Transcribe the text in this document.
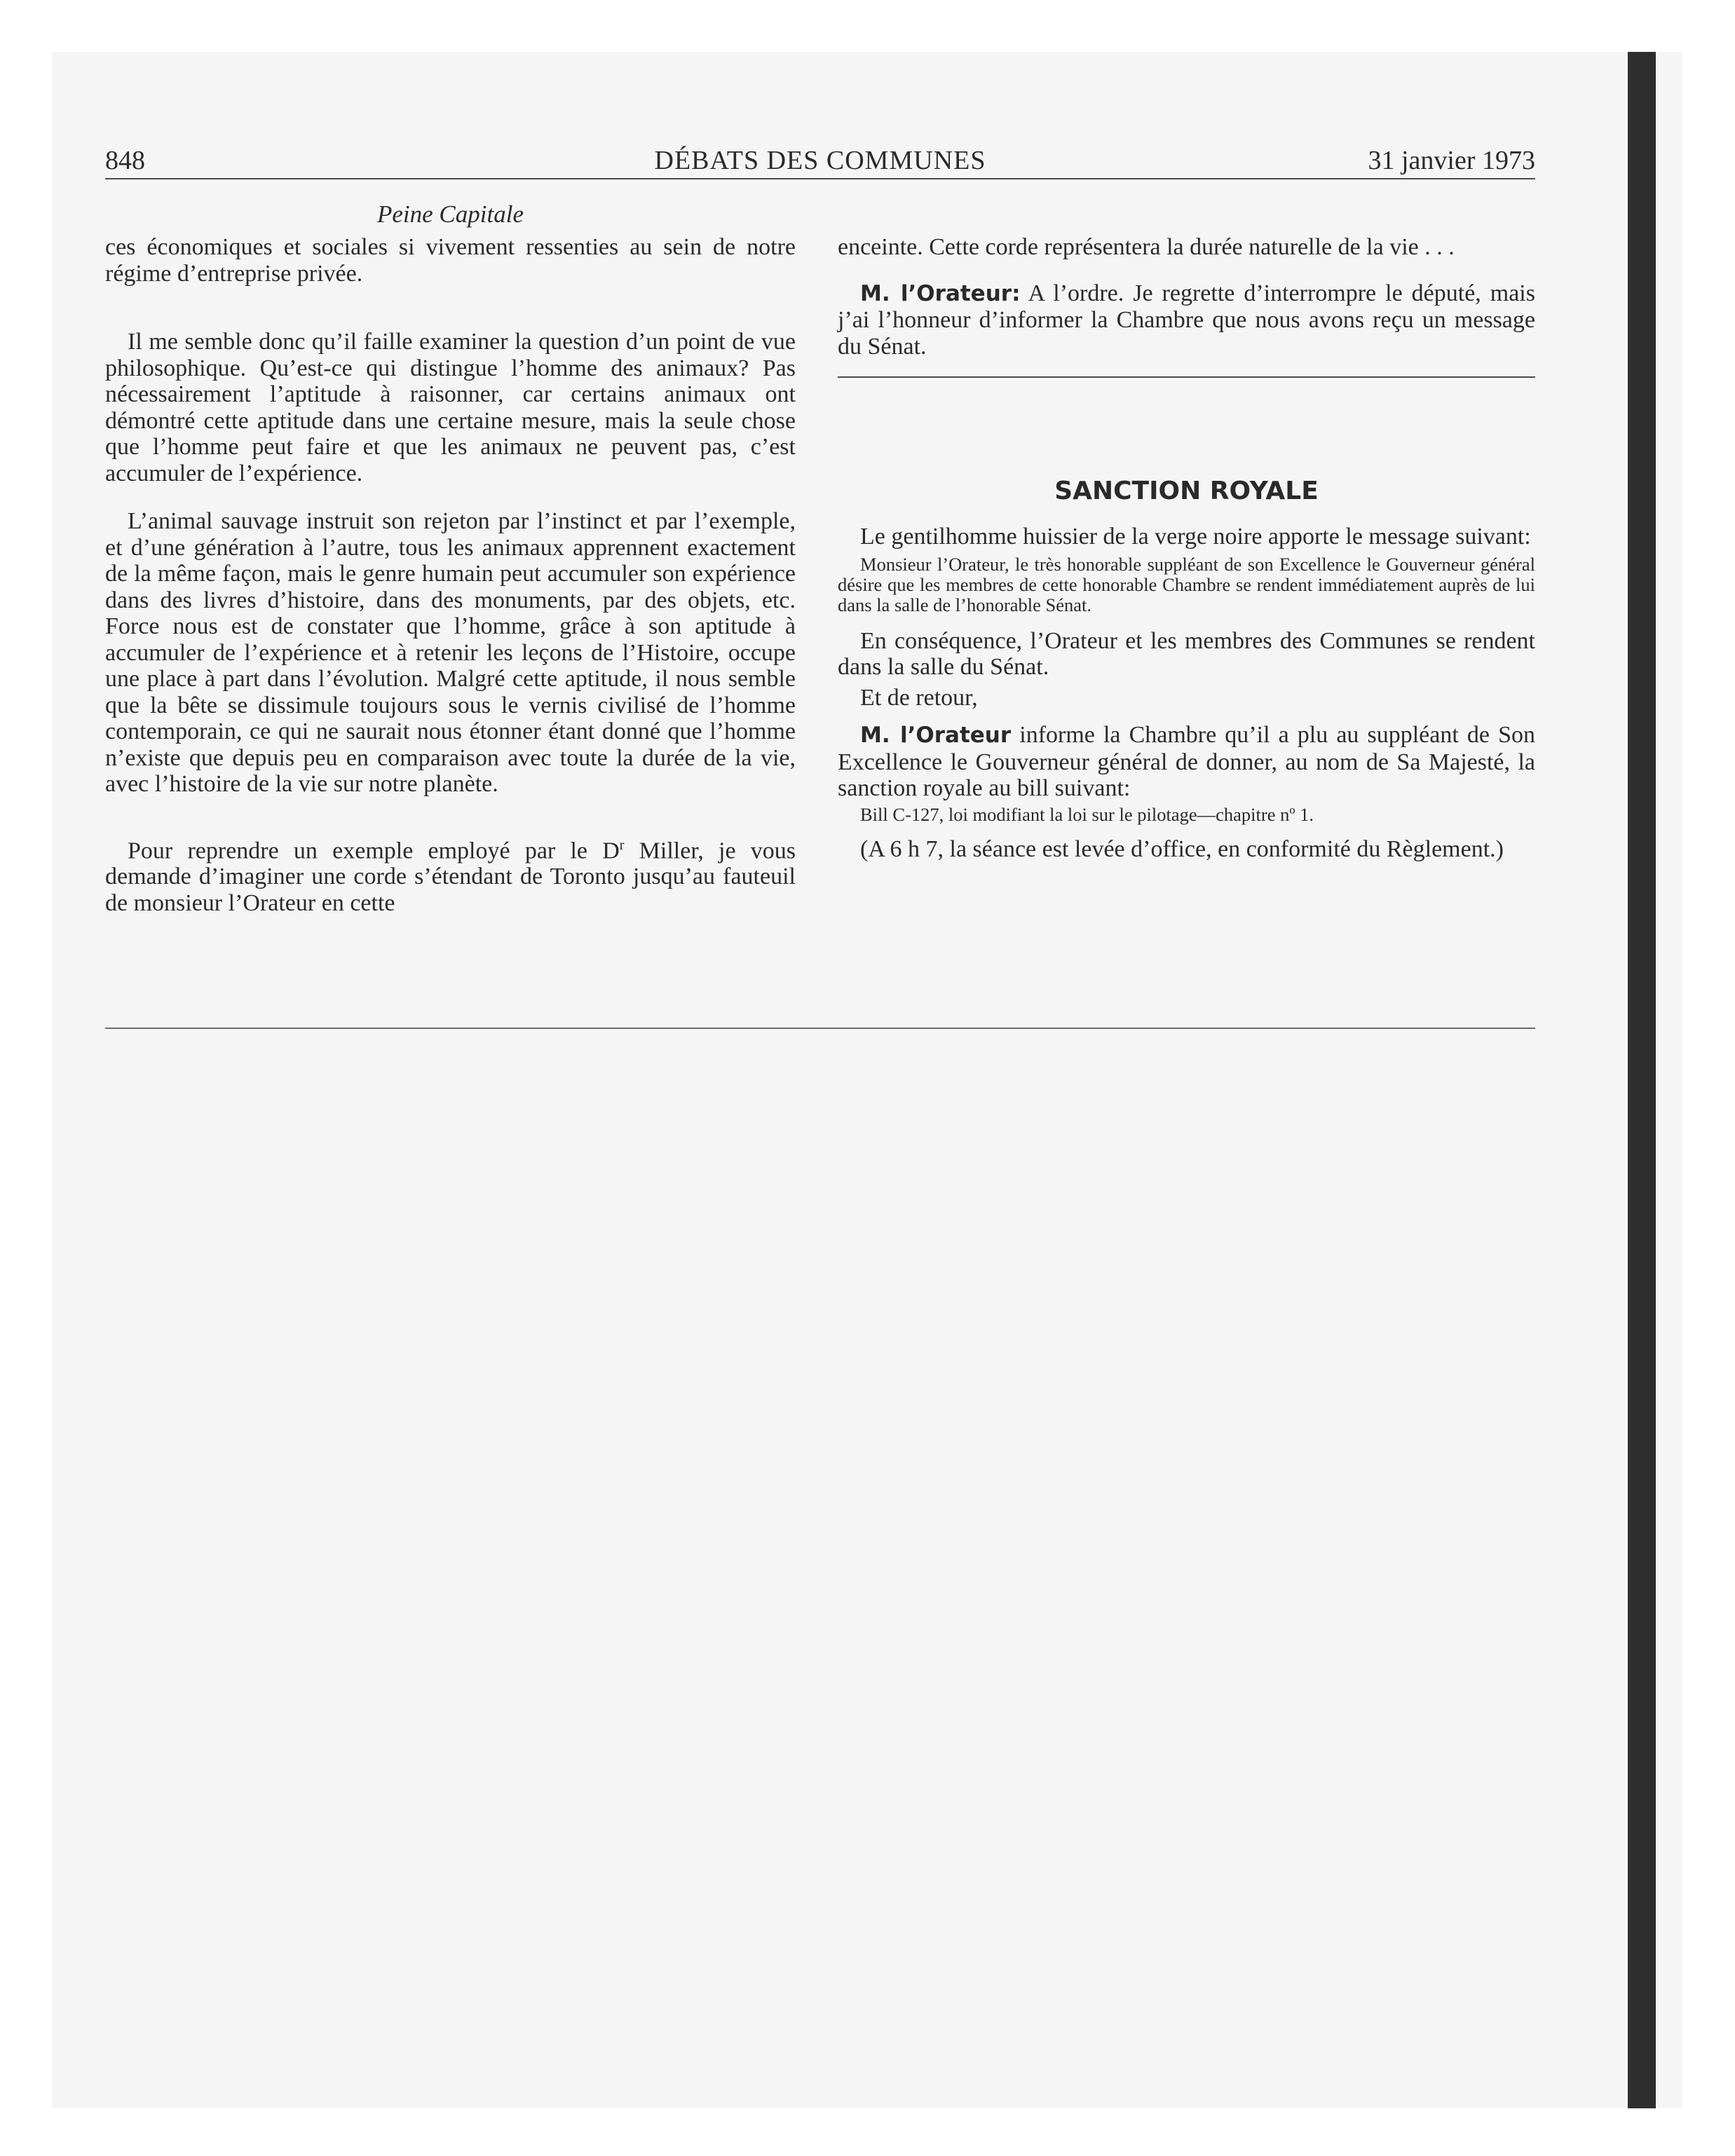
848	DÉBATS DES COMMUNES	31 janvier 1973
Peine Capitale

ces économiques et sociales si vivement ressenties au sein de notre régime d’entreprise privée.

Il me semble donc qu’il faille examiner la question d’un point de vue philosophique. Qu’est-ce qui distingue l’homme des animaux? Pas nécessairement l’aptitude à raisonner, car certains animaux ont démontré cette aptitude dans une certaine mesure, mais la seule chose que l’homme peut faire et que les animaux ne peuvent pas, c’est accumuler de l’expérience.

L’animal sauvage instruit son rejeton par l’instinct et par l’exemple, et d’une génération à l’autre, tous les animaux apprennent exactement de la même façon, mais le genre humain peut accumuler son expérience dans des livres d’histoire, dans des monuments, par des objets, etc. Force nous est de constater que l’homme, grâce à son aptitude à accumuler de l’expérience et à retenir les leçons de l’Histoire, occupe une place à part dans l’évolution. Malgré cette aptitude, il nous semble que la bête se dissimule toujours sous le vernis civilisé de l’homme contemporain, ce qui ne saurait nous étonner étant donné que l’homme n’existe que depuis peu en comparaison avec toute la durée de la vie, avec l’histoire de la vie sur notre planète.

Pour reprendre un exemple employé par le $D^r$ Miller, je vous demande d’imaginer une corde s’étendant de Toronto jusqu’au fauteuil de monsieur l’Orateur en cette

enceinte. Cette corde représentera la durée naturelle de la vie . . .

M. l’Orateur: A l’ordre. Je regrette d’interrompre le député, mais j’ai l’honneur d’informer la Chambre que nous avons reçu un message du Sénat.

SANCTION ROYALE

Le gentilhomme huissier de la verge noire apporte le message suivant:

Monsieur l’Orateur, le très honorable suppléant de son Excellence le Gouverneur général désire que les membres de cette honorable Chambre se rendent immédiatement auprès de lui dans la salle de l’honorable Sénat.

En conséquence, l’Orateur et les membres des Communes se rendent dans la salle du Sénat.

Et de retour,

M. l’Orateur informe la Chambre qu’il a plu au suppléant de Son Excellence le Gouverneur général de donner, au nom de Sa Majesté, la sanction royale au bill suivant:

Bill C-127, loi modifiant la loi sur le pilotage—chapitre nº 1.

(A 6 h 7, la séance est levée d’office, en conformité du Règlement.)
